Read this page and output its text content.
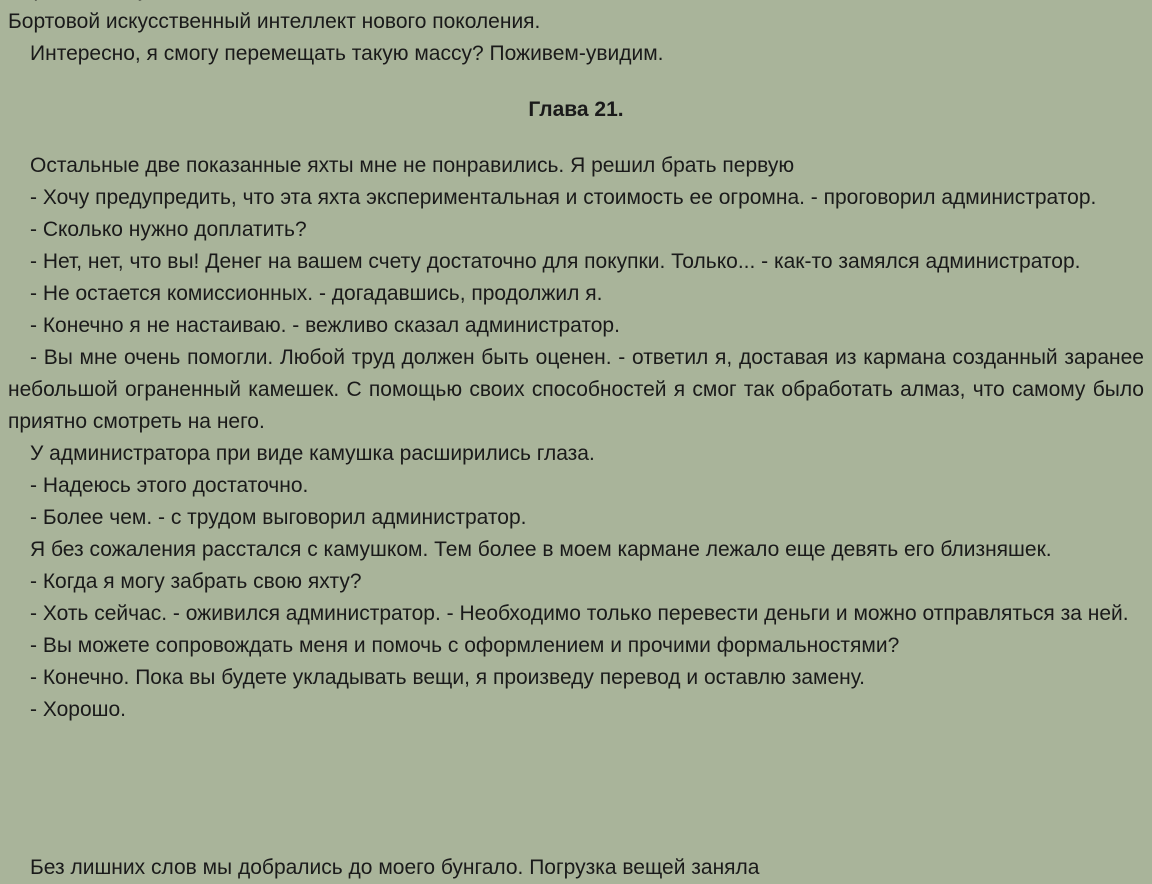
Бортовой искусственный интеллект нового поколения.

Интересно, я смогу перемещать такую массу? Поживем-увидим.

Глава 21.

Остальные две показанные яхты мне не понравились. Я решил брать первую

- Хочу предупредить, что эта яхта экспериментальная и стоимость ее огромна. - проговорил администратор.

- Сколько нужно доплатить?

- Нет, нет, что вы! Денег на вашем счету достаточно для покупки. Только... - как-то замялся администратор.

- Не остается комиссионных. - догадавшись, продолжил я.

- Конечно я не настаиваю. - вежливо сказал администратор.

- Вы мне очень помогли. Любой труд должен быть оценен. - ответил я, доставая из кармана созданный заранее небольшой ограненный камешек. С помощью своих способностей я смог так обработать алмаз, что самому было приятно смотреть на него.

У администратора при виде камушка расширились глаза.

- Надеюсь этого достаточно.

- Более чем. - с трудом выговорил администратор.

Я без сожаления расстался с камушком. Тем более в моем кармане лежало еще девять его близняшек.

- Когда я могу забрать свою яхту?

- Хоть сейчас. - оживился администратор. - Необходимо только перевести деньги и можно отправляться за ней.

- Вы можете сопровождать меня и помочь с оформлением и прочими формальностями?

- Конечно. Пока вы будете укладывать вещи, я произведу перевод и оставлю замену.

- Хорошо.

Без лишних слов мы добрались до моего бунгало. Погрузка вещей заняла
